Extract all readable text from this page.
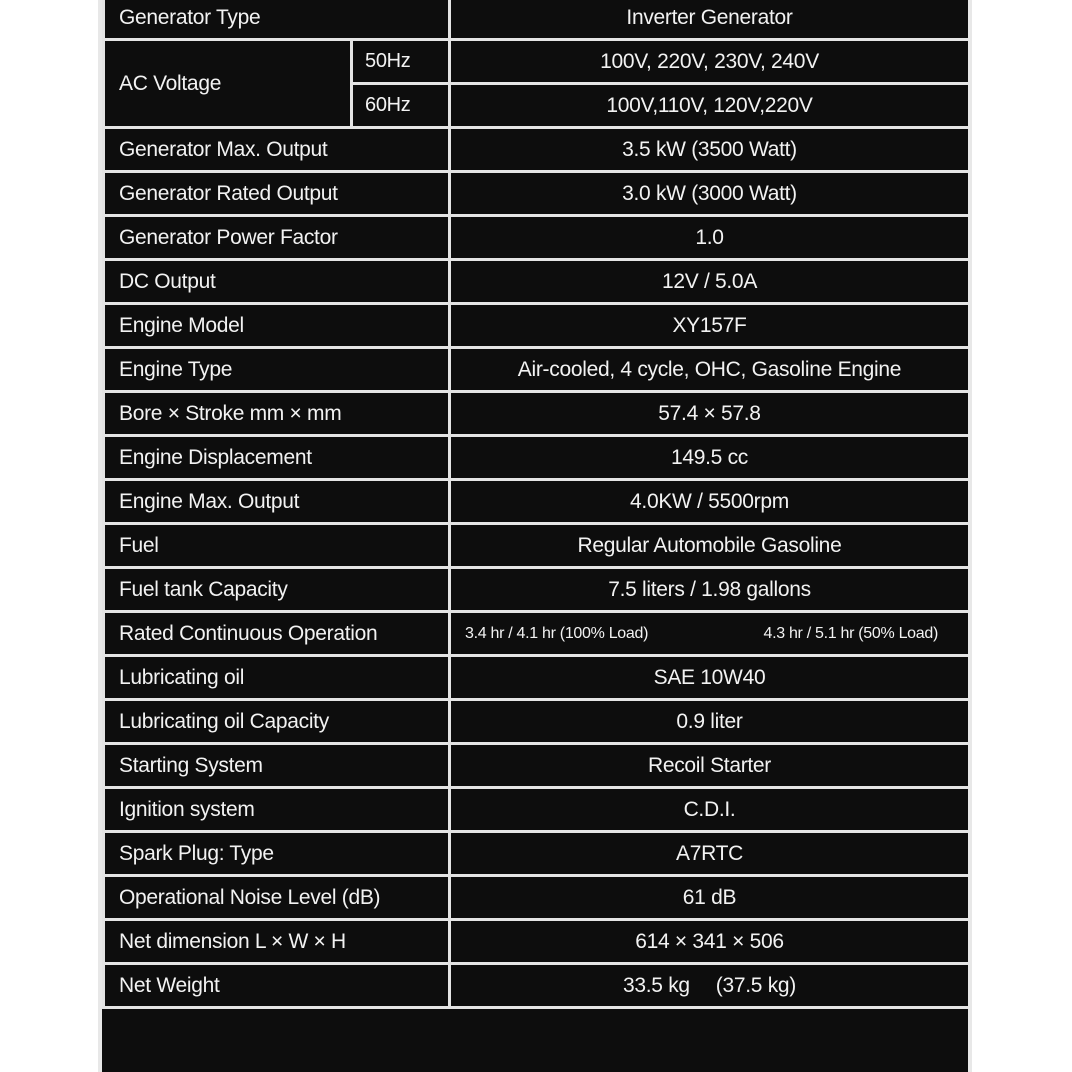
Generator Type		Inverter Generator
AC Voltage	50Hz	100V, 220V, 230V, 240V
	60Hz	100V,110V, 120V,220V
Generator Max. Output		3.5 kW (3500 Watt)
Generator Rated Output		3.0 kW (3000 Watt)
Generator Power Factor		1.0
DC Output		12V / 5.0A
Engine Model		XY157F
Engine Type		Air-cooled, 4 cycle, OHC, Gasoline Engine
Bore × Stroke mm × mm		57.4 × 57.8
Engine Displacement		149.5 cc
Engine Max. Output		4.0KW / 5500rpm
Fuel		Regular Automobile Gasoline
Fuel tank Capacity		7.5 liters / 1.98 gallons
Rated Continuous Operation		3.4 hr / 4.1 hr (100% Load) 4.3 hr / 5.1 hr (50% Load)

Lubricating oil		SAE 10W40
Lubricating oil Capacity		0.9 liter
Starting System		Recoil Starter
Ignition system		C.D.I.
Spark Plug: Type		A7RTC
Operational Noise Level (dB)		61 dB
Net dimension L × W × H		614 × 341 × 506
Net Weight		33.5 kg (37.5 kg)
